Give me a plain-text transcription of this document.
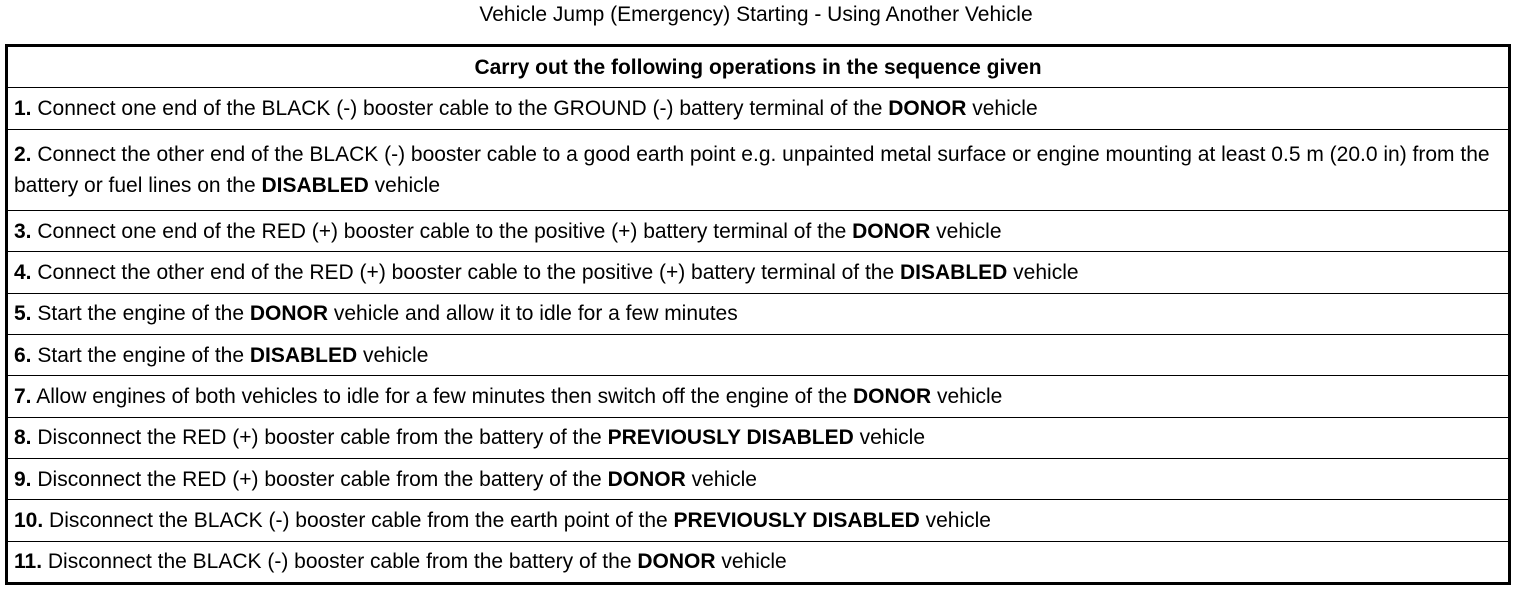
Vehicle Jump (Emergency) Starting - Using Another Vehicle
Carry out the following operations in the sequence given
1. Connect one end of the BLACK (-) booster cable to the GROUND (-) battery terminal of the DONOR vehicle
2. Connect the other end of the BLACK (-) booster cable to a good earth point e.g. unpainted metal surface or engine mounting at least 0.5 m (20.0 in) from the battery or fuel lines on the DISABLED vehicle
3. Connect one end of the RED (+) booster cable to the positive (+) battery terminal of the DONOR vehicle
4. Connect the other end of the RED (+) booster cable to the positive (+) battery terminal of the DISABLED vehicle
5. Start the engine of the DONOR vehicle and allow it to idle for a few minutes
6. Start the engine of the DISABLED vehicle
7. Allow engines of both vehicles to idle for a few minutes then switch off the engine of the DONOR vehicle
8. Disconnect the RED (+) booster cable from the battery of the PREVIOUSLY DISABLED vehicle
9. Disconnect the RED (+) booster cable from the battery of the DONOR vehicle
10. Disconnect the BLACK (-) booster cable from the earth point of the PREVIOUSLY DISABLED vehicle
11. Disconnect the BLACK (-) booster cable from the battery of the DONOR vehicle
